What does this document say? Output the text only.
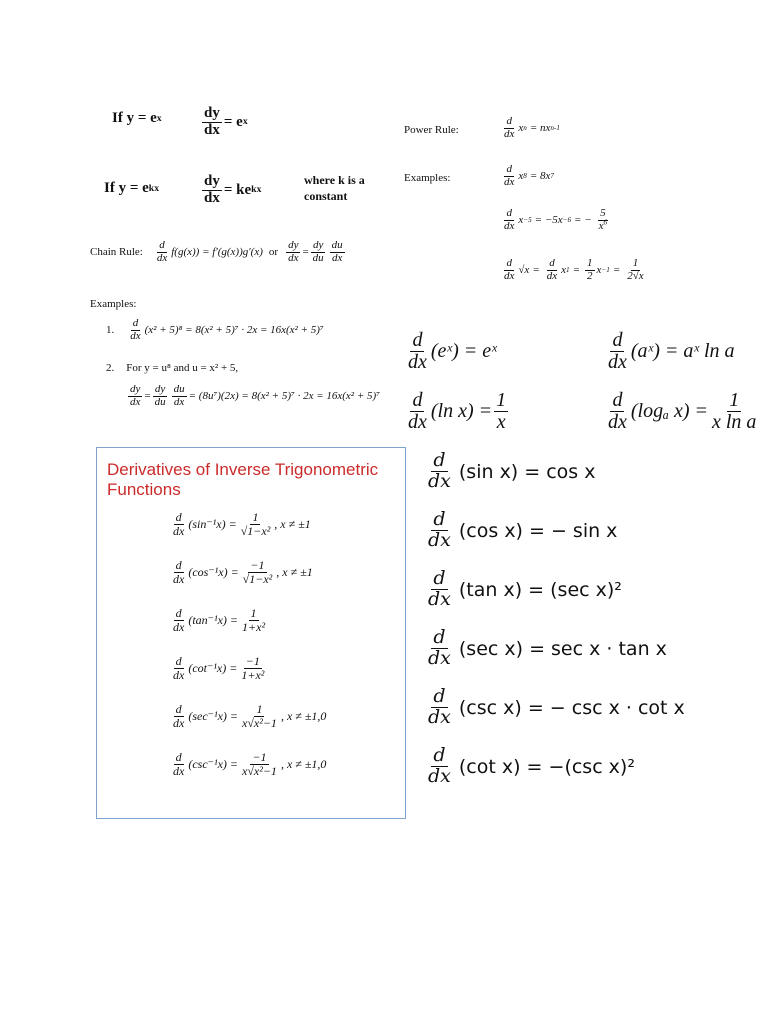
If y = e x	$\frac{dy}{dx} = e$ x
If y = e kx	$\frac{dy}{dx}$ = ke kx
where k is a
constant
Chain Rule: $\frac{d}{dx} f(g(x)) = f'(g(x))g'(x)$ or $\frac{dy}{dx} = \frac{dy}{du} \frac{du}{dx}$
Examples:
1. $\frac{d}{dx} (x^2 + 5)^8 = 8(x^2 + 5)^7 \cdot 2x = 16x(x^2 + 5)^7$
2. For y = u⁸ and u = x² + 5,
$\frac{dy}{dx} = \frac{dy}{du} \frac{du}{dx} = (8u^7)(2x) = 8(x^2 + 5)^7 \cdot 2x = 16x(x^2 + 5)^7$
Power Rule:	$\frac{d}{dx}$ x n = nx n-1
Examples:	$\frac{d}{dx}$ x 8 = 8x 7
$\frac{d}{dx}$ x −5 = −5x −6 = − $\frac{5}{x^6}$
$\frac{d}{dx} √x = \frac{d}{dx}$ x $1 = \frac{1}{2}$ $x -1 = \frac{1}{2√x}$
$\frac{d}{dx}$ (eˣ) = eˣ	$\frac{d}{dx}$ (aˣ) = aˣ ln a
$\frac{d}{dx} (\ln$ $x) = \frac{1}{x}$	$\frac{d}{dx} (\log_a$ $x) = \frac{1}{\text{x ln a}}$
Derivatives of Inverse Trigonometric Functions
$\frac{d}{dx} (\sin^{-1}x) = \frac{1}{\text{√1−x²}}$ , x ≠ ±1
$\frac{d}{dx} (\cos^{-1}x) = \frac{-1}{\text{√1−x²}}$ , x ≠ ±1
$\frac{d}{dx} (\tan^{-1}x) = \frac{1}{\text{1+x²}}$
$\frac{d}{dx} (\cot^{-1}x) = \frac{-1}{\text{1+x²}}$
$\frac{d}{dx} (\sec^{-1}x) = \frac{1}{\text{x√x²−1}}$ , x ≠ ±1,0
$\frac{d}{dx} (\csc^{-1}x) = \frac{-1}{\text{x√x²−1}}$ , x ≠ ±1,0
$\frac{d}{dx} (\sin$ x) = cos x
$\frac{d}{dx} (\cos$ x) = − sin x
$\frac{d}{dx} (\tan$ x) = (sec x)²
$\frac{d}{dx} (\sec$ x) = sec x · tan x
$\frac{d}{dx} (\csc$ x) = − csc x · cot x
$\frac{d}{dx} (\cot$ x) = −(csc x)²
